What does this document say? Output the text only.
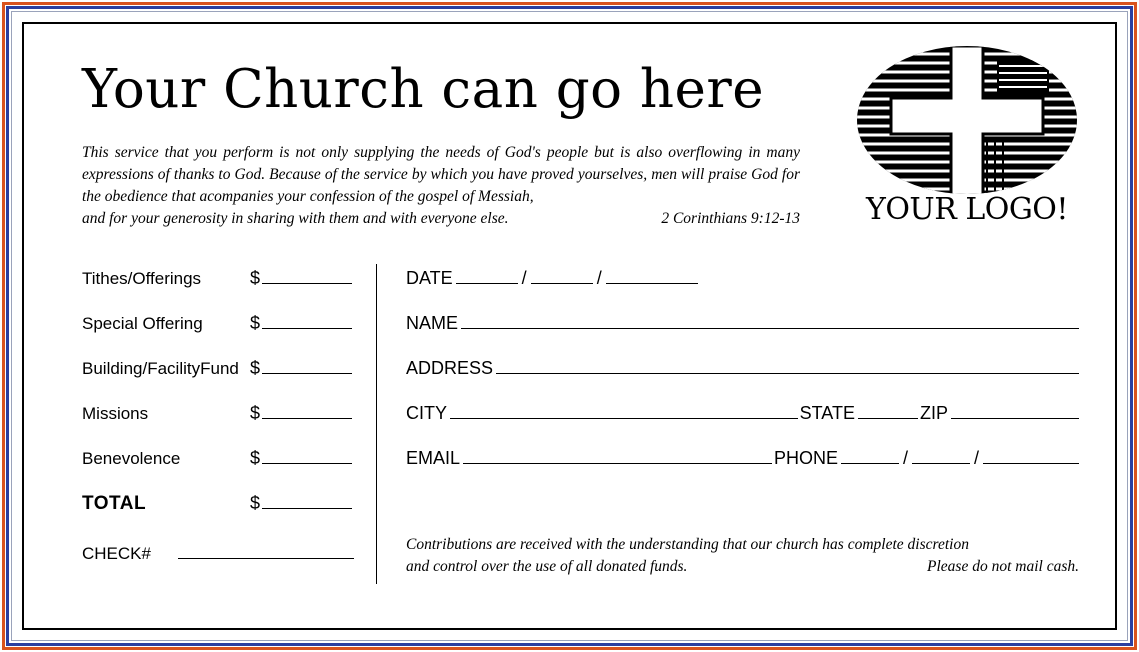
Your Church can go here
This service that you perform is not only supplying the needs of God's people but is also overflowing in many expressions of thanks to God. Because of the service by which you have proved yourselves, men will praise God for the obedience that acompanies your confession of the gospel of Messiah,
and for your generosity in sharing with them and with everyone else.	2 Corinthians 9:12-13	YOUR LOGO!
Tithes/Offerings	$
Special Offering	$
Building/FacilityFund $
Missions	$
Benevolence	$
TOTAL	$
CHECK#
DATE	/	/
NAME
ADDRESS
CITY	STATE	ZIP
EMAIL	PHONE	/	/
Contributions are received with the understanding that our church has complete discretion
and control over the use of all donated funds.	Please do not mail cash.
